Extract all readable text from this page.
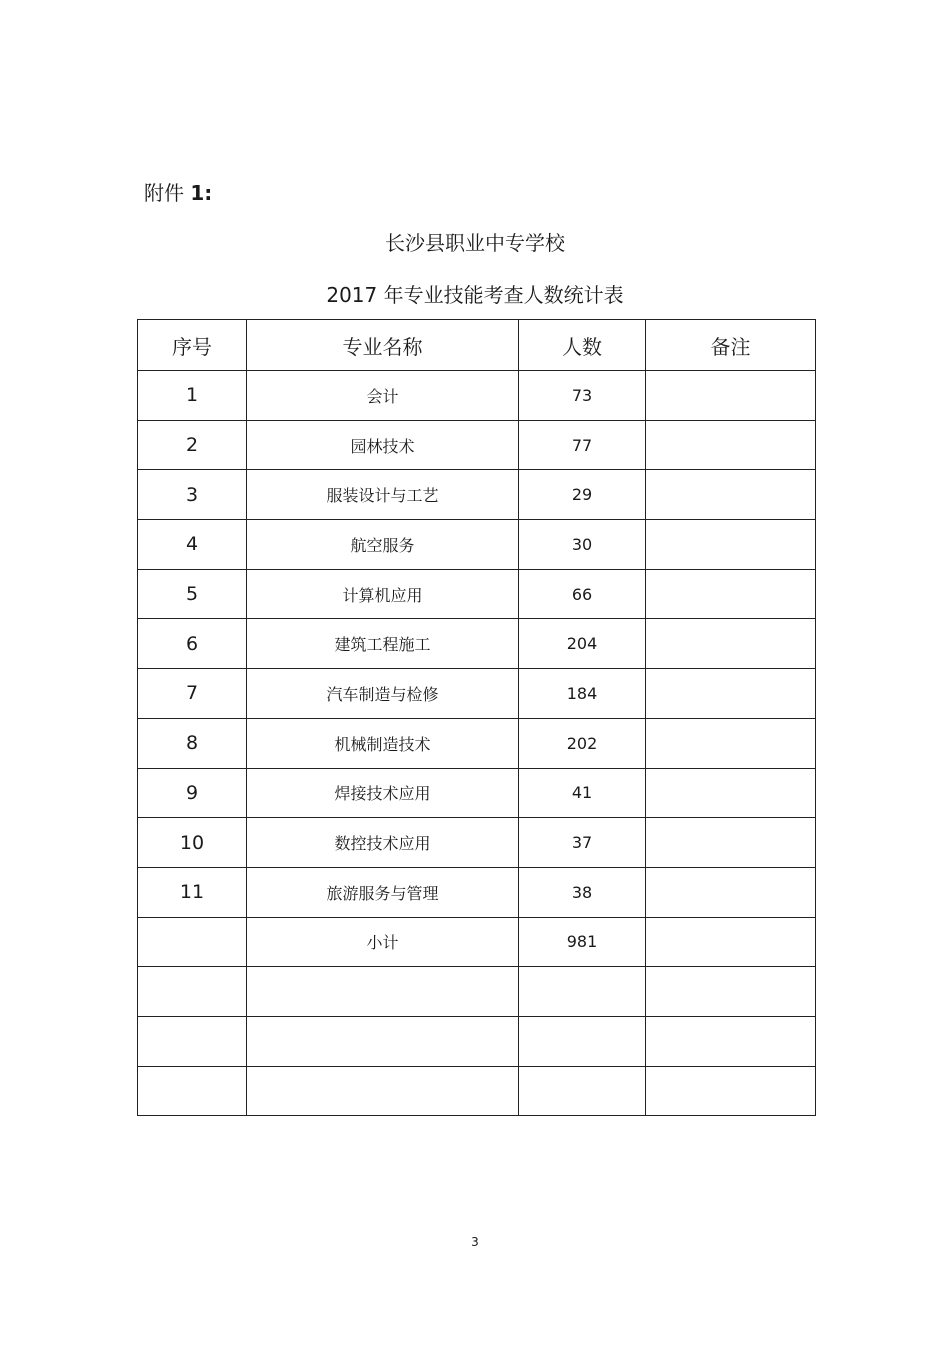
附件 1:
长沙县职业中专学校
2017 年专业技能考查人数统计表
序号	专业名称	人数	备注
1	会计	73	
2	园林技术	77	
3	服装设计与工艺	29	
4	航空服务	30	
5	计算机应用	66	
6	建筑工程施工	204	
7	汽车制造与检修	184	
8	机械制造技术	202	
9	焊接技术应用	41	
10	数控技术应用	37	
11	旅游服务与管理	38	
	小计	981	

3
